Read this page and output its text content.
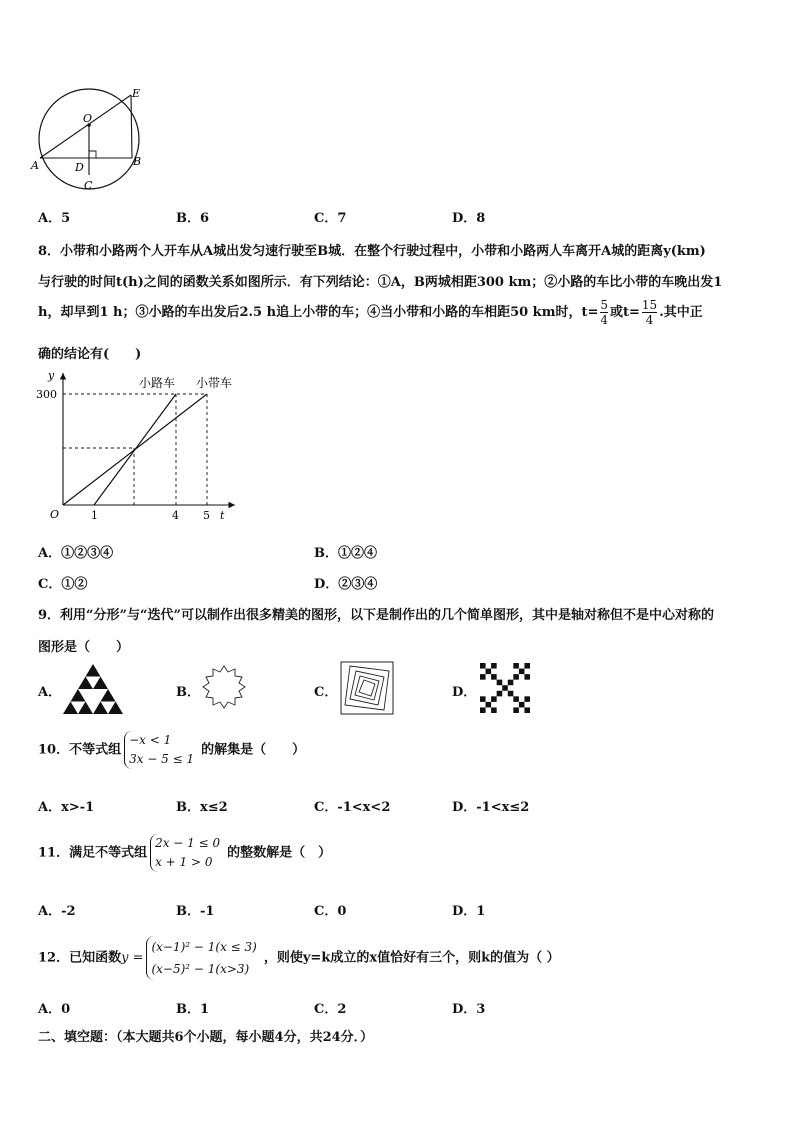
E
O
A	D	B
C
A．5	B．6	C．7	D．8
8．小带和小路两个人开车从A城出发匀速行驶至B城．在整个行驶过程中，小带和小路两人车离开A城的距离y(km)
与行驶的时间t(h)之间的函数关系如图所示．有下列结论：①A，B两城相距300 km；②小路的车比小带的车晚出发1
h，却早到1 h；③小路的车出发后2.5 h追上小带的车；④当小带和小路的车相距50 km时，$t= \frac{5}{4}$ 或$t= \frac{15}{4}$ .其中正
确的结论有(　　)
y
300
O	1	4 5 t
小路车 小带车
A．①②③④	B．①②④
C．①②	D．②③④
9．利用“分形”与“迭代”可以制作出很多精美的图形，以下是制作出的几个简单图形，其中是轴对称但不是中心对称的
图形是（　　）
A．	B．	C．	D．
10．不等式组
−x < 1
3x − 5 ≤ 1
的解集是（　　）
A．x>-1	B．x≤2	C．-1<x<2	D．-1<x≤2
11．满足不等式组
2x − 1 ≤ 0
x + 1 > 0
的整数解是（　）
A．-2	B．-1	C．0	D．1
12．已知函数y =
(x−1)² − 1(x ≤ 3)
(x−5)² − 1(x>3)
，则使y=k成立的x值恰好有三个，则k的值为（ ）
A．0	B．1	C．2	D．3
二、填空题：（本大题共6个小题，每小题4分，共24分．）
